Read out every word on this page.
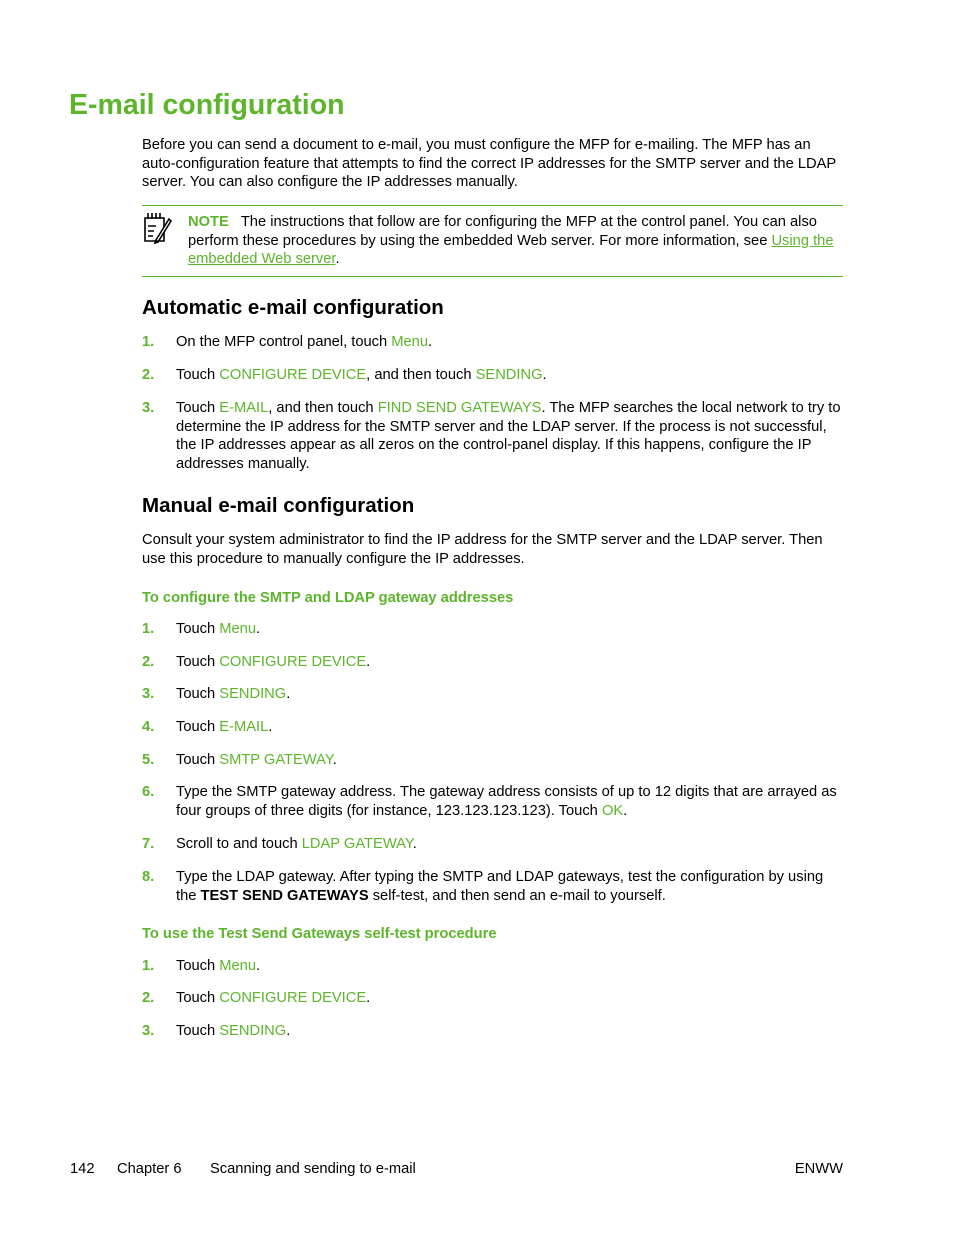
E-mail configuration

Before you can send a document to e-mail, you must configure the MFP for e-mailing. The MFP has an auto-configuration feature that attempts to find the correct IP addresses for the SMTP server and the LDAP server. You can also configure the IP addresses manually.

NOTE The instructions that follow are for configuring the MFP at the control panel. You can also perform these procedures by using the embedded Web server. For more information, see Using the embedded Web server.

Automatic e-mail configuration

1. On the MFP control panel, touch Menu.

2. Touch CONFIGURE DEVICE, and then touch SENDING.

3. Touch E-MAIL, and then touch FIND SEND GATEWAYS. The MFP searches the local network to try to determine the IP address for the SMTP server and the LDAP server. If the process is not successful, the IP addresses appear as all zeros on the control-panel display. If this happens, configure the IP addresses manually.

Manual e-mail configuration

Consult your system administrator to find the IP address for the SMTP server and the LDAP server. Then use this procedure to manually configure the IP addresses.

To configure the SMTP and LDAP gateway addresses

1. Touch Menu.

2. Touch CONFIGURE DEVICE.

3. Touch SENDING.

4. Touch E-MAIL.

5. Touch SMTP GATEWAY.

6. Type the SMTP gateway address. The gateway address consists of up to 12 digits that are arrayed as four groups of three digits (for instance, 123.123.123.123). Touch OK.

7. Scroll to and touch LDAP GATEWAY.

8. Type the LDAP gateway. After typing the SMTP and LDAP gateways, test the configuration by using the TEST SEND GATEWAYS self-test, and then send an e-mail to yourself.

To use the Test Send Gateways self-test procedure

1. Touch Menu.

2. Touch CONFIGURE DEVICE.

3. Touch SENDING.

142 Chapter 6 Scanning and sending to e-mail	ENWW
